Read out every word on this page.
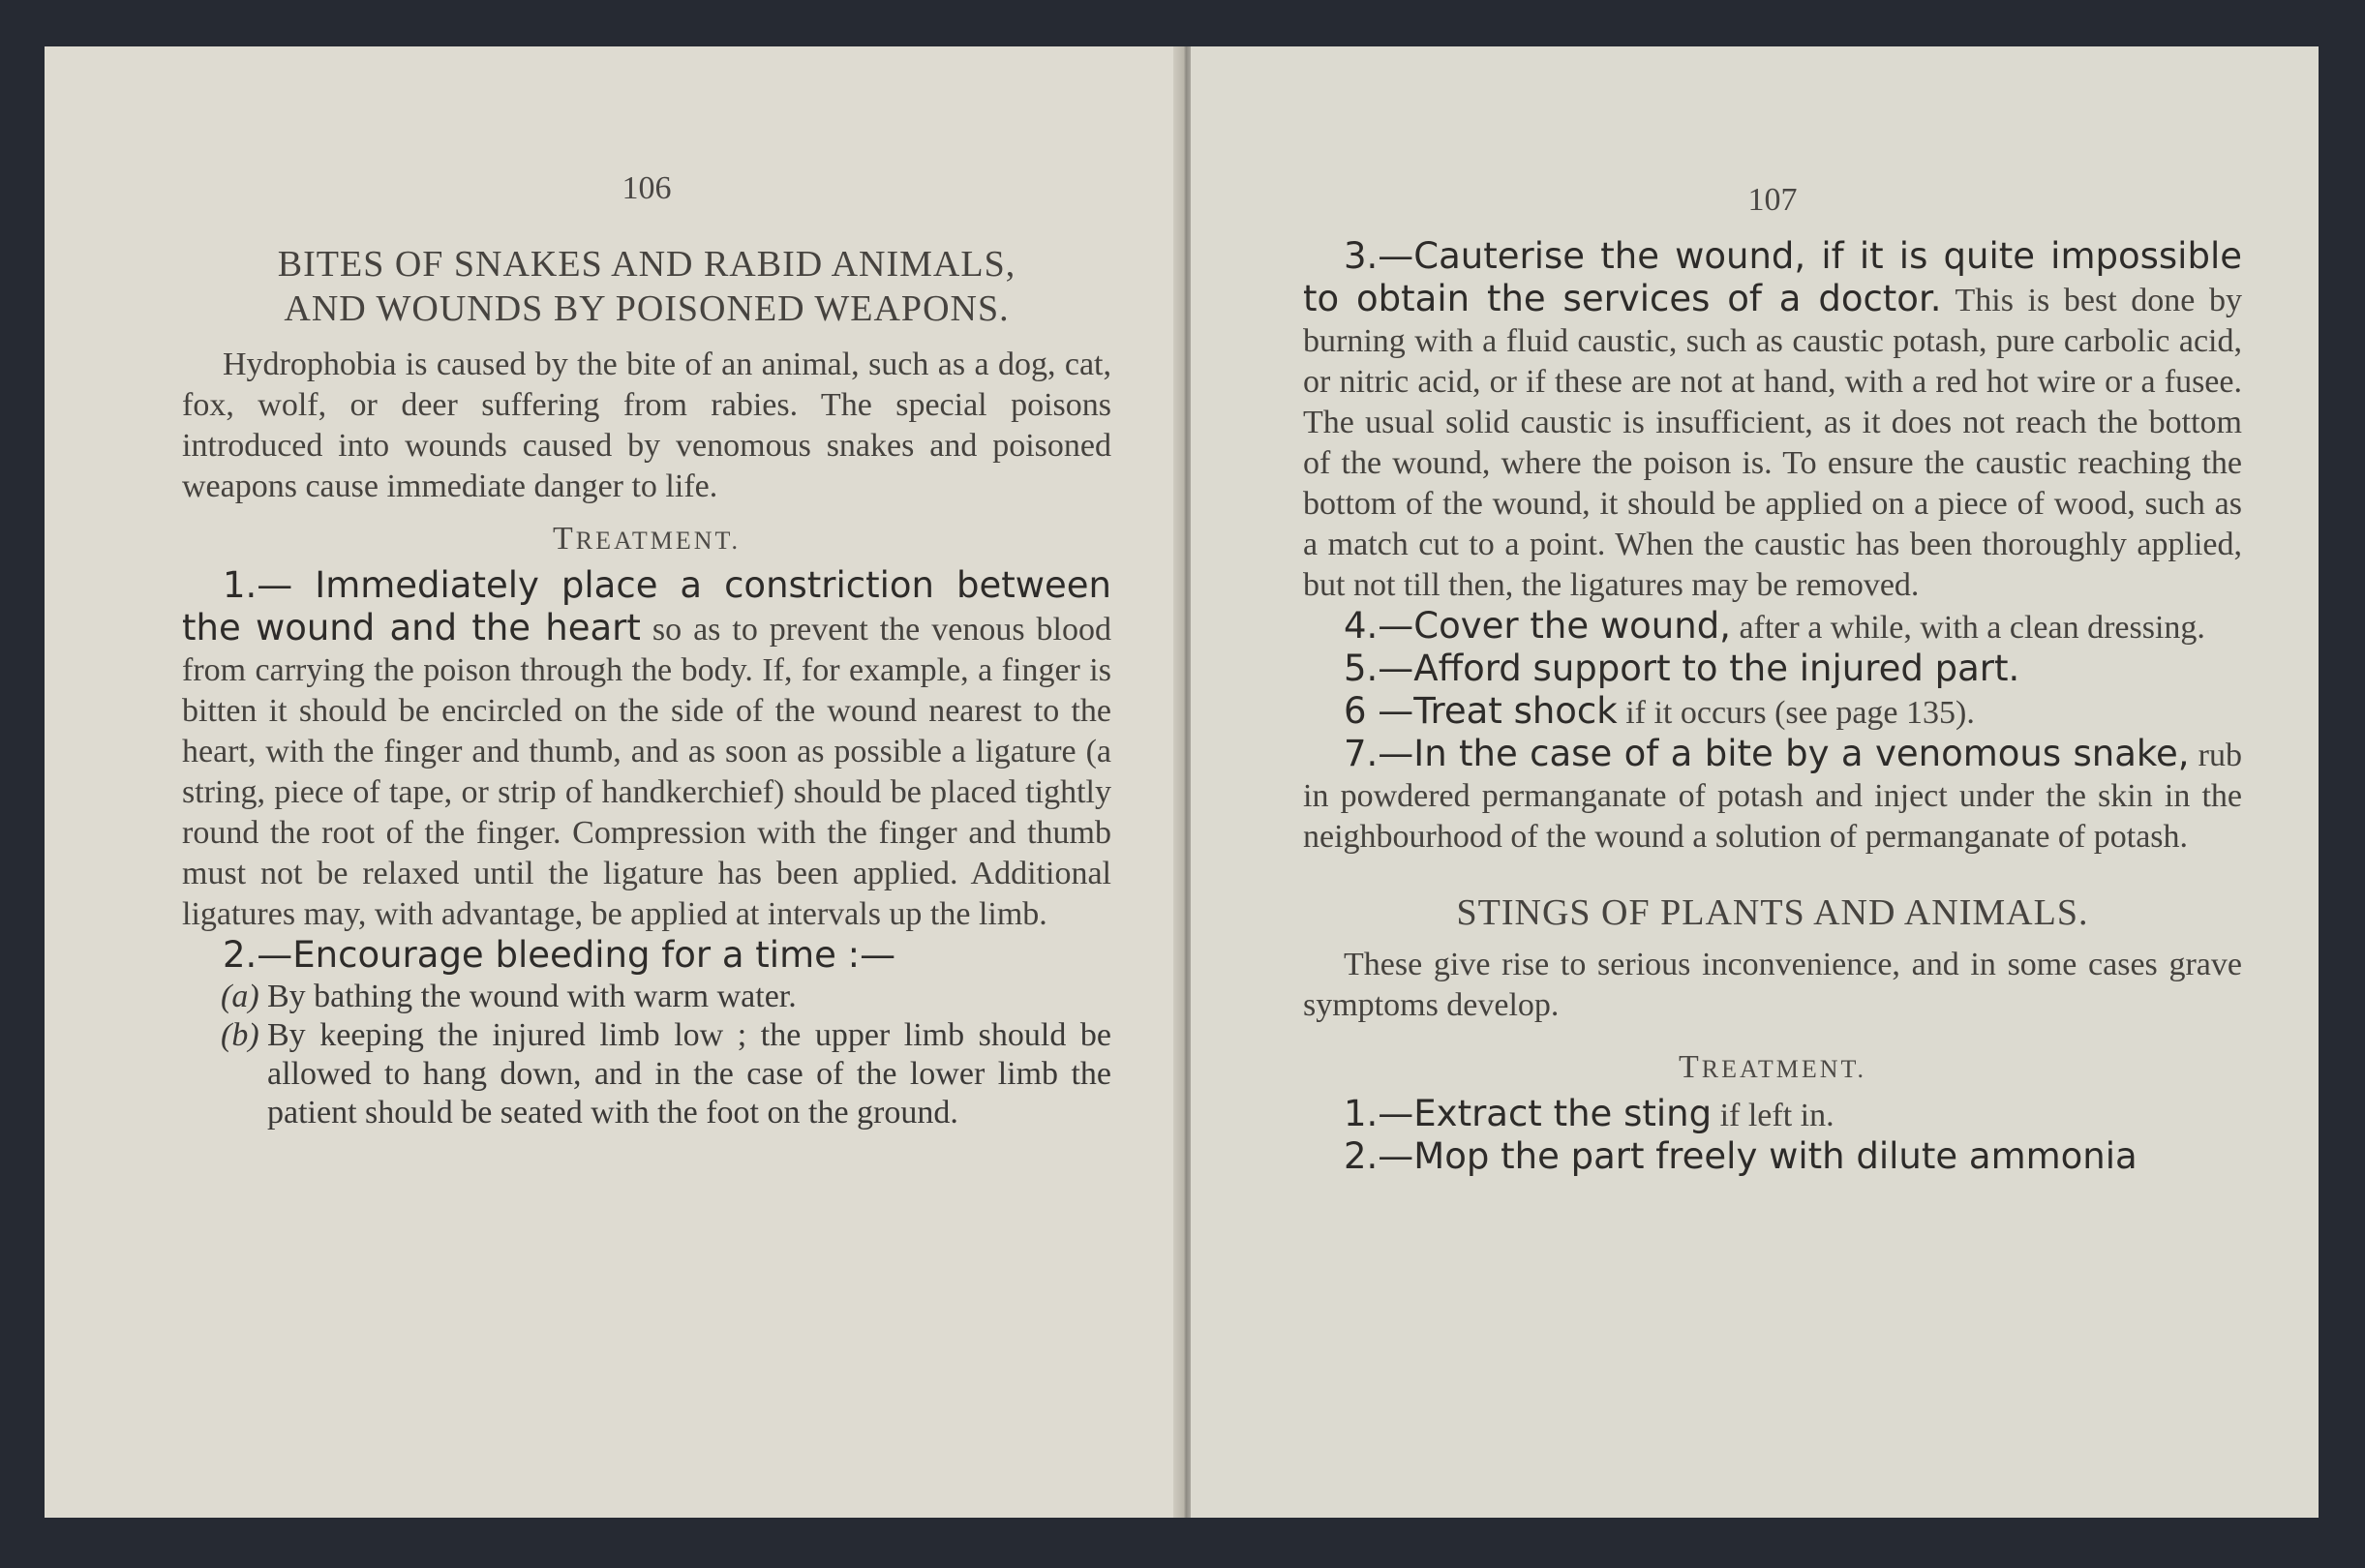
106
BITES OF SNAKES AND RABID ANIMALS,
AND WOUNDS BY POISONED WEAPONS.

Hydrophobia is caused by the bite of an animal, such as a dog, cat, fox, wolf, or deer suffering from rabies. The special poisons introduced into wounds caused by venomous snakes and poisoned weapons cause immediate danger to life.

TREATMENT.

1.— Immediately place a constriction between the wound and the heart so as to prevent the venous blood from carrying the poison through the body. If, for example, a finger is bitten it should be encircled on the side of the wound nearest to the heart, with the finger and thumb, and as soon as possible a ligature (a string, piece of tape, or strip of handkerchief) should be placed tightly round the root of the finger. Compression with the finger and thumb must not be relaxed until the ligature has been applied. Additional ligatures may, with advantage, be applied at intervals up the limb.

2.—Encourage bleeding for a time :—

(a) By bathing the wound with warm water.
(b) By keeping the injured limb low ; the upper limb should be allowed to hang down, and in the case of the lower limb the patient should be seated with the foot on the ground.
107

3.—Cauterise the wound, if it is quite impossible to obtain the services of a doctor. This is best done by burning with a fluid caustic, such as caustic potash, pure carbolic acid, or nitric acid, or if these are not at hand, with a red hot wire or a fusee. The usual solid caustic is insufficient, as it does not reach the bottom of the wound, where the poison is. To ensure the caustic reaching the bottom of the wound, it should be applied on a piece of wood, such as a match cut to a point. When the caustic has been thoroughly applied, but not till then, the ligatures may be removed.

4.—Cover the wound, after a while, with a clean dressing.

5.—Afford support to the injured part.

6 —Treat shock if it occurs (see page 135).

7.—In the case of a bite by a venomous snake, rub in powdered permanganate of potash and inject under the skin in the neighbourhood of the wound a solution of permanganate of potash.

STINGS OF PLANTS AND ANIMALS.

These give rise to serious inconvenience, and in some cases grave symptoms develop.

TREATMENT.

1.—Extract the sting if left in.

2.—Mop the part freely with dilute ammonia
